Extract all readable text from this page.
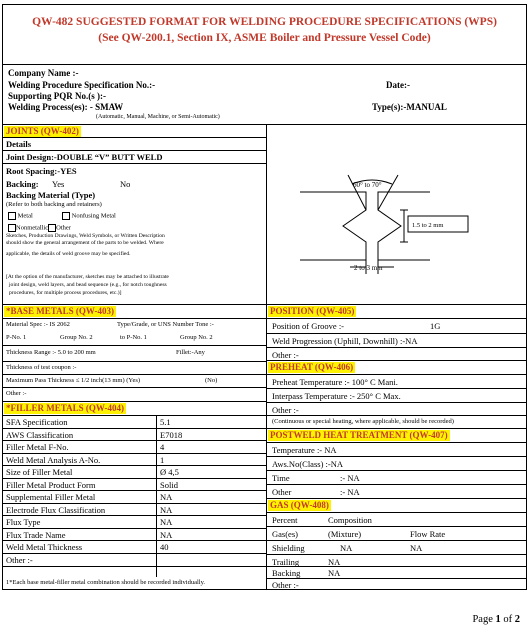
QW-482 SUGGESTED FORMAT FOR WELDING PROCEDURE SPECIFICATIONS (WPS)
(See QW-200.1, Section IX, ASME Boiler and Pressure Vessel Code)
Company Name :-
Welding Procedure Specification No.:-	Date:-
Supporting PQR No.(s ):-
Welding Process(es): - SMAW	Type(s):-MANUAL
(Automatic, Manual, Machine, or Semi-Automatic)
JOINTS (QW-402)
Details
Joint Design:-DOUBLE “V” BUTT WELD
Root Spacing:-YES
Backing: Yes	No
Backing Material (Type)
(Refer to both backing and retainers)
Metal	Nonfusing Metal
Nonmetallic Other
Sketches, Production Drawings, Weld Symbols, or Written Description
should show the general arrangement of the parts to be welded. Where
applicable, the details of weld groove may be specified.
[At the option of the manufacturer, sketches may be attached to illustrate
joint design, weld layers, and bead sequence (e.g., for notch toughness
procedures, for multiple process procedures, etc.)]
60° to 70°
1.5 to 2 mm
2 to 3 mm
*BASE METALS (QW-403)	POSITION (QW-405)
Material Spec :- IS 2062	Type/Grade, or UNS Number Tone :-
P-No. 1	Group No. 2	to P-No. 1	Group No. 2
Thickness Range :- 5.0 to 200 mm	Fillet:-Any
Thickness of test coupon :-
Maximum Pass Thickness ≤ 1/2 inch(13 mm) (Yes)	(No)
Other :-
*FILLER METALS (QW-404)
SFA Specification	5.1
AWS Classification	E7018
Filler Metal F-No.	4
Weld Metal Analysis A-No.	1
Size of Filler Metal	Ø 4,5
Filler Metal Product Form	Solid
Supplemental Filler Metal	NA
Electrode Flux Classification	NA
Flux Type	NA
Flux Trade Name	NA
Weld Metal Thickness	40
Other :-
1*Each base metal-filler metal combination should be recorded individually.
Position of Groove :-	1G
Weld Progression (Uphill, Downhill) :-NA
Other :-
PREHEAT (QW-406)
Preheat Temperature :- 100° C Mani.
Interpass Temperature :- 250° C Max.
Other :-
(Continuous or special heating, where applicable, should be recorded)
POSTWELD HEAT TREATMENT (QW-407)
Temperature :- NA
Aws.No(Class) :-NA
Time	:- NA
Other	:- NA
GAS (QW-408)
Percent	Composition
Gas(es)	(Mixture)	Flow Rate
Shielding	NA	NA
Trailing	NA
Backing	NA
Other :-
Page 1 of 2
